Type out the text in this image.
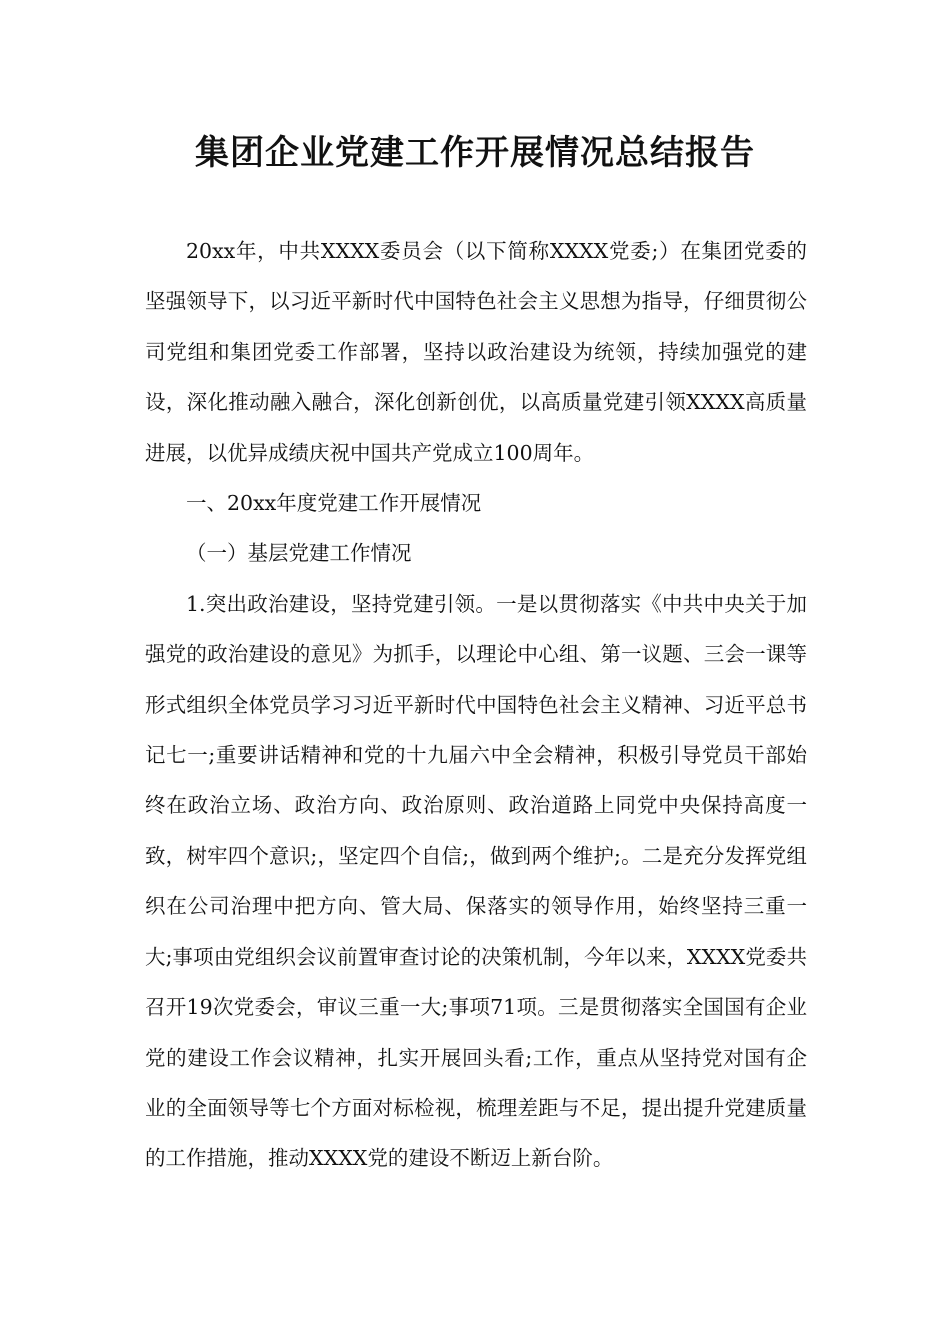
集团企业党建工作开展情况总结报告

20xx年，中共XXXX委员会（以下简称XXXX党委;）在集团党委的坚强领导下，以习近平新时代中国特色社会主义思想为指导，仔细贯彻公司党组和集团党委工作部署，坚持以政治建设为统领，持续加强党的建设，深化推动融入融合，深化创新创优，以高质量党建引领XXXX高质量进展，以优异成绩庆祝中国共产党成立100周年。

一、20xx年度党建工作开展情况

（一）基层党建工作情况

1.突出政治建设，坚持党建引领。一是以贯彻落实《中共中央关于加强党的政治建设的意见》为抓手，以理论中心组、第一议题、三会一课等形式组织全体党员学习习近平新时代中国特色社会主义精神、习近平总书记七一;重要讲话精神和党的十九届六中全会精神，积极引导党员干部始终在政治立场、政治方向、政治原则、政治道路上同党中央保持高度一致，树牢四个意识;，坚定四个自信;，做到两个维护;。二是充分发挥党组织在公司治理中把方向、管大局、保落实的领导作用，始终坚持三重一大;事项由党组织会议前置审查讨论的决策机制，今年以来，XXXX党委共召开19次党委会，审议三重一大;事项71项。三是贯彻落实全国国有企业党的建设工作会议精神，扎实开展回头看;工作，重点从坚持党对国有企业的全面领导等七个方面对标检视，梳理差距与不足，提出提升党建质量的工作措施，推动XXXX党的建设不断迈上新台阶。
